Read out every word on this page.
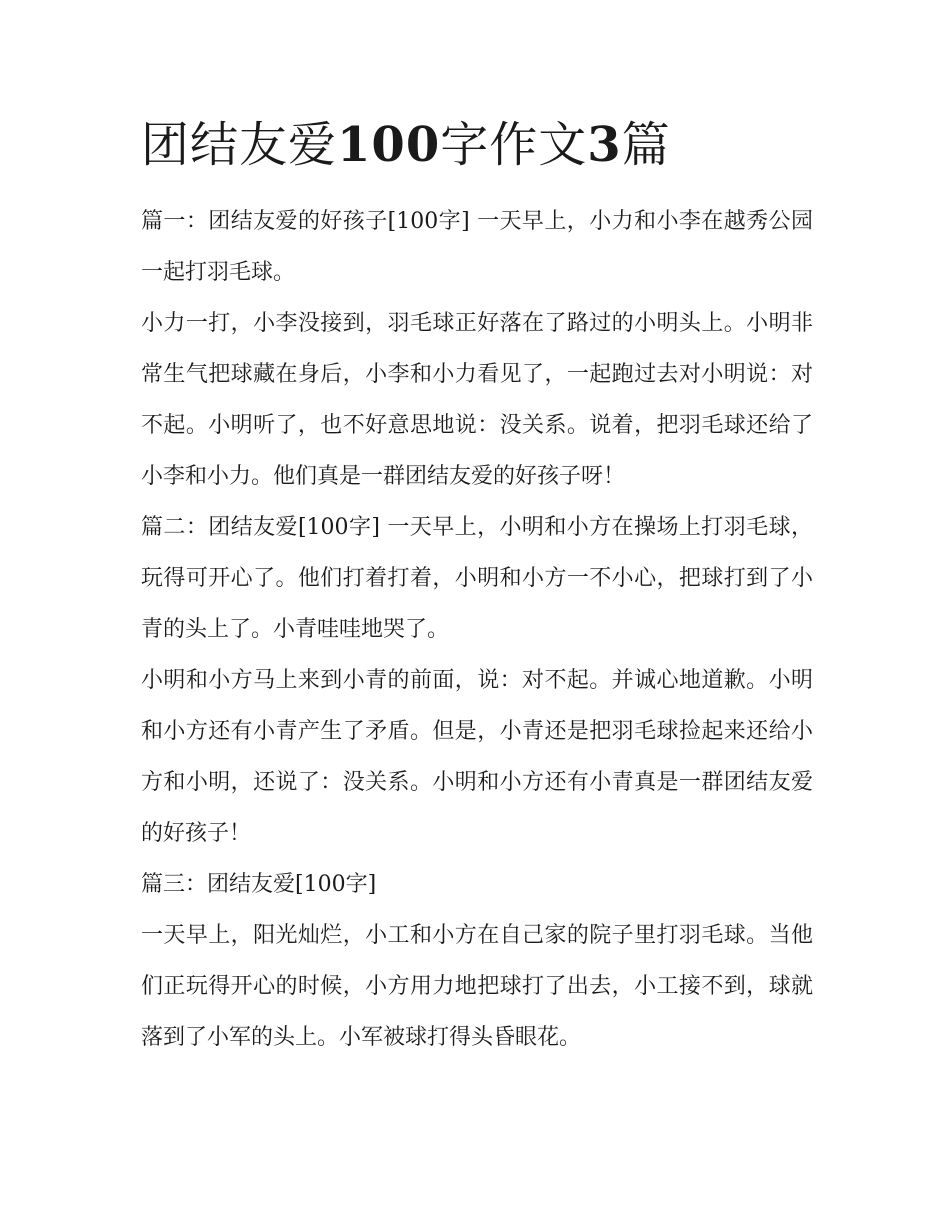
团结友爱100字作文3篇

篇一：团结友爱的好孩子[100字] 一天早上，小力和小李在越秀公园一起打羽毛球。

小力一打，小李没接到，羽毛球正好落在了路过的小明头上。小明非常生气把球藏在身后，小李和小力看见了，一起跑过去对小明说：对不起。小明听了，也不好意思地说：没关系。说着，把羽毛球还给了小李和小力。他们真是一群团结友爱的好孩子呀！

篇二：团结友爱[100字] 一天早上，小明和小方在操场上打羽毛球，玩得可开心了。他们打着打着，小明和小方一不小心，把球打到了小青的头上了。小青哇哇地哭了。

小明和小方马上来到小青的前面，说：对不起。并诚心地道歉。小明和小方还有小青产生了矛盾。但是，小青还是把羽毛球捡起来还给小方和小明，还说了：没关系。小明和小方还有小青真是一群团结友爱的好孩子！

篇三：团结友爱[100字]

一天早上，阳光灿烂，小工和小方在自己家的院子里打羽毛球。当他们正玩得开心的时候，小方用力地把球打了出去，小工接不到，球就落到了小军的头上。小军被球打得头昏眼花。
